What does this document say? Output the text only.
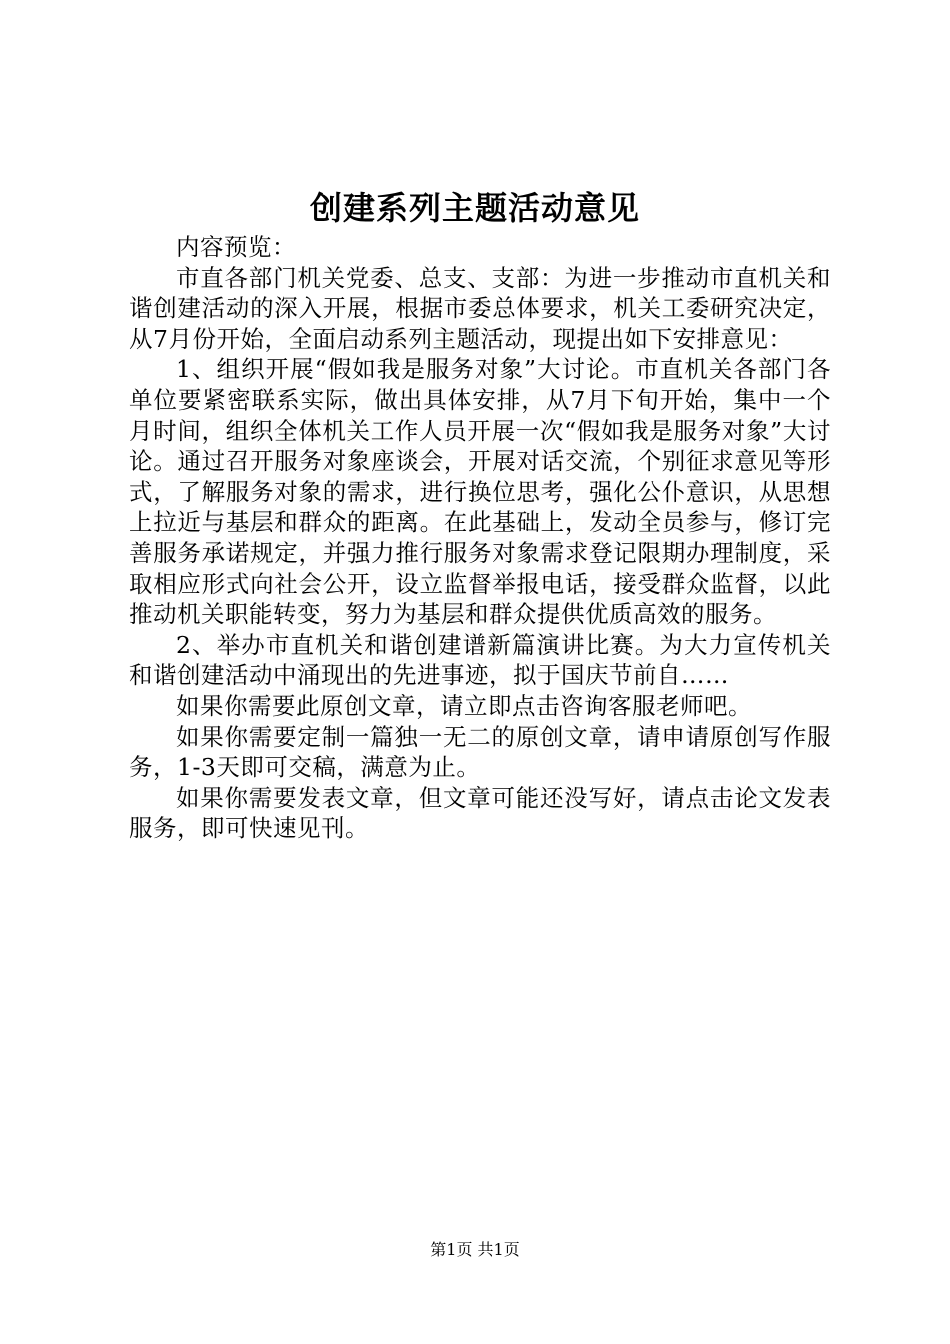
创建系列主题活动意见

内容预览：

市直各部门机关党委、总支、支部：为进一步推动市直机关和谐创建活动的深入开展，根据市委总体要求，机关工委研究决定，从7月份开始，全面启动系列主题活动，现提出如下安排意见：

1、组织开展“假如我是服务对象”大讨论。市直机关各部门各单位要紧密联系实际，做出具体安排，从7月下旬开始，集中一个月时间，组织全体机关工作人员开展一次“假如我是服务对象”大讨论。通过召开服务对象座谈会，开展对话交流，个别征求意见等形式，了解服务对象的需求，进行换位思考，强化公仆意识，从思想上拉近与基层和群众的距离。在此基础上，发动全员参与，修订完善服务承诺规定，并强力推行服务对象需求登记限期办理制度，采取相应形式向社会公开，设立监督举报电话，接受群众监督，以此推动机关职能转变，努力为基层和群众提供优质高效的服务。

2、举办市直机关和谐创建谱新篇演讲比赛。为大力宣传机关和谐创建活动中涌现出的先进事迹，拟于国庆节前自……

如果你需要此原创文章，请立即点击咨询客服老师吧。

如果你需要定制一篇独一无二的原创文章，请申请原创写作服务，1-3天即可交稿，满意为止。

如果你需要发表文章，但文章可能还没写好，请点击论文发表服务，即可快速见刊。

第1页 共1页
